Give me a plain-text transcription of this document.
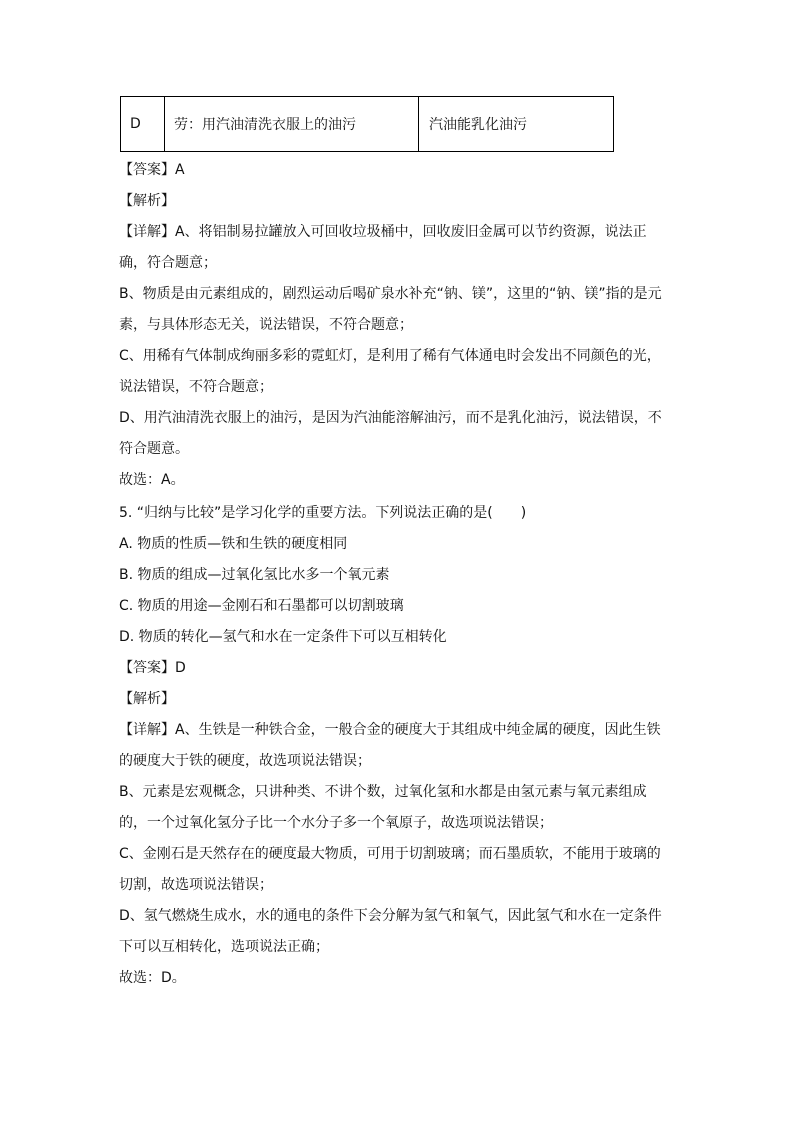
D	劳：用汽油清洗衣服上的油污	汽油能乳化油污
【答案】A
【解析】
【详解】A、将铝制易拉罐放入可回收垃圾桶中，回收废旧金属可以节约资源，说法正
确，符合题意；
B、物质是由元素组成的，剧烈运动后喝矿泉水补充“钠、镁”，这里的“钠、镁”指的是元
素，与具体形态无关，说法错误，不符合题意；
C、用稀有气体制成绚丽多彩的霓虹灯，是利用了稀有气体通电时会发出不同颜色的光，
说法错误，不符合题意；
D、用汽油清洗衣服上的油污，是因为汽油能溶解油污，而不是乳化油污，说法错误，不
符合题意。
故选：A。
5. “归纳与比较”是学习化学的重要方法。下列说法正确的是(　　)
A. 物质的性质—铁和生铁的硬度相同
B. 物质的组成—过氧化氢比水多一个氧元素
C. 物质的用途—金刚石和石墨都可以切割玻璃
D. 物质的转化—氢气和水在一定条件下可以互相转化
【答案】D
【解析】
【详解】A、生铁是一种铁合金，一般合金的硬度大于其组成中纯金属的硬度，因此生铁
的硬度大于铁的硬度，故选项说法错误；
B、元素是宏观概念，只讲种类、不讲个数，过氧化氢和水都是由氢元素与氧元素组成
的，一个过氧化氢分子比一个水分子多一个氧原子，故选项说法错误；
C、金刚石是天然存在的硬度最大物质，可用于切割玻璃；而石墨质软，不能用于玻璃的
切割，故选项说法错误；
D、氢气燃烧生成水，水的通电的条件下会分解为氢气和氧气，因此氢气和水在一定条件
下可以互相转化，选项说法正确；
故选：D。
